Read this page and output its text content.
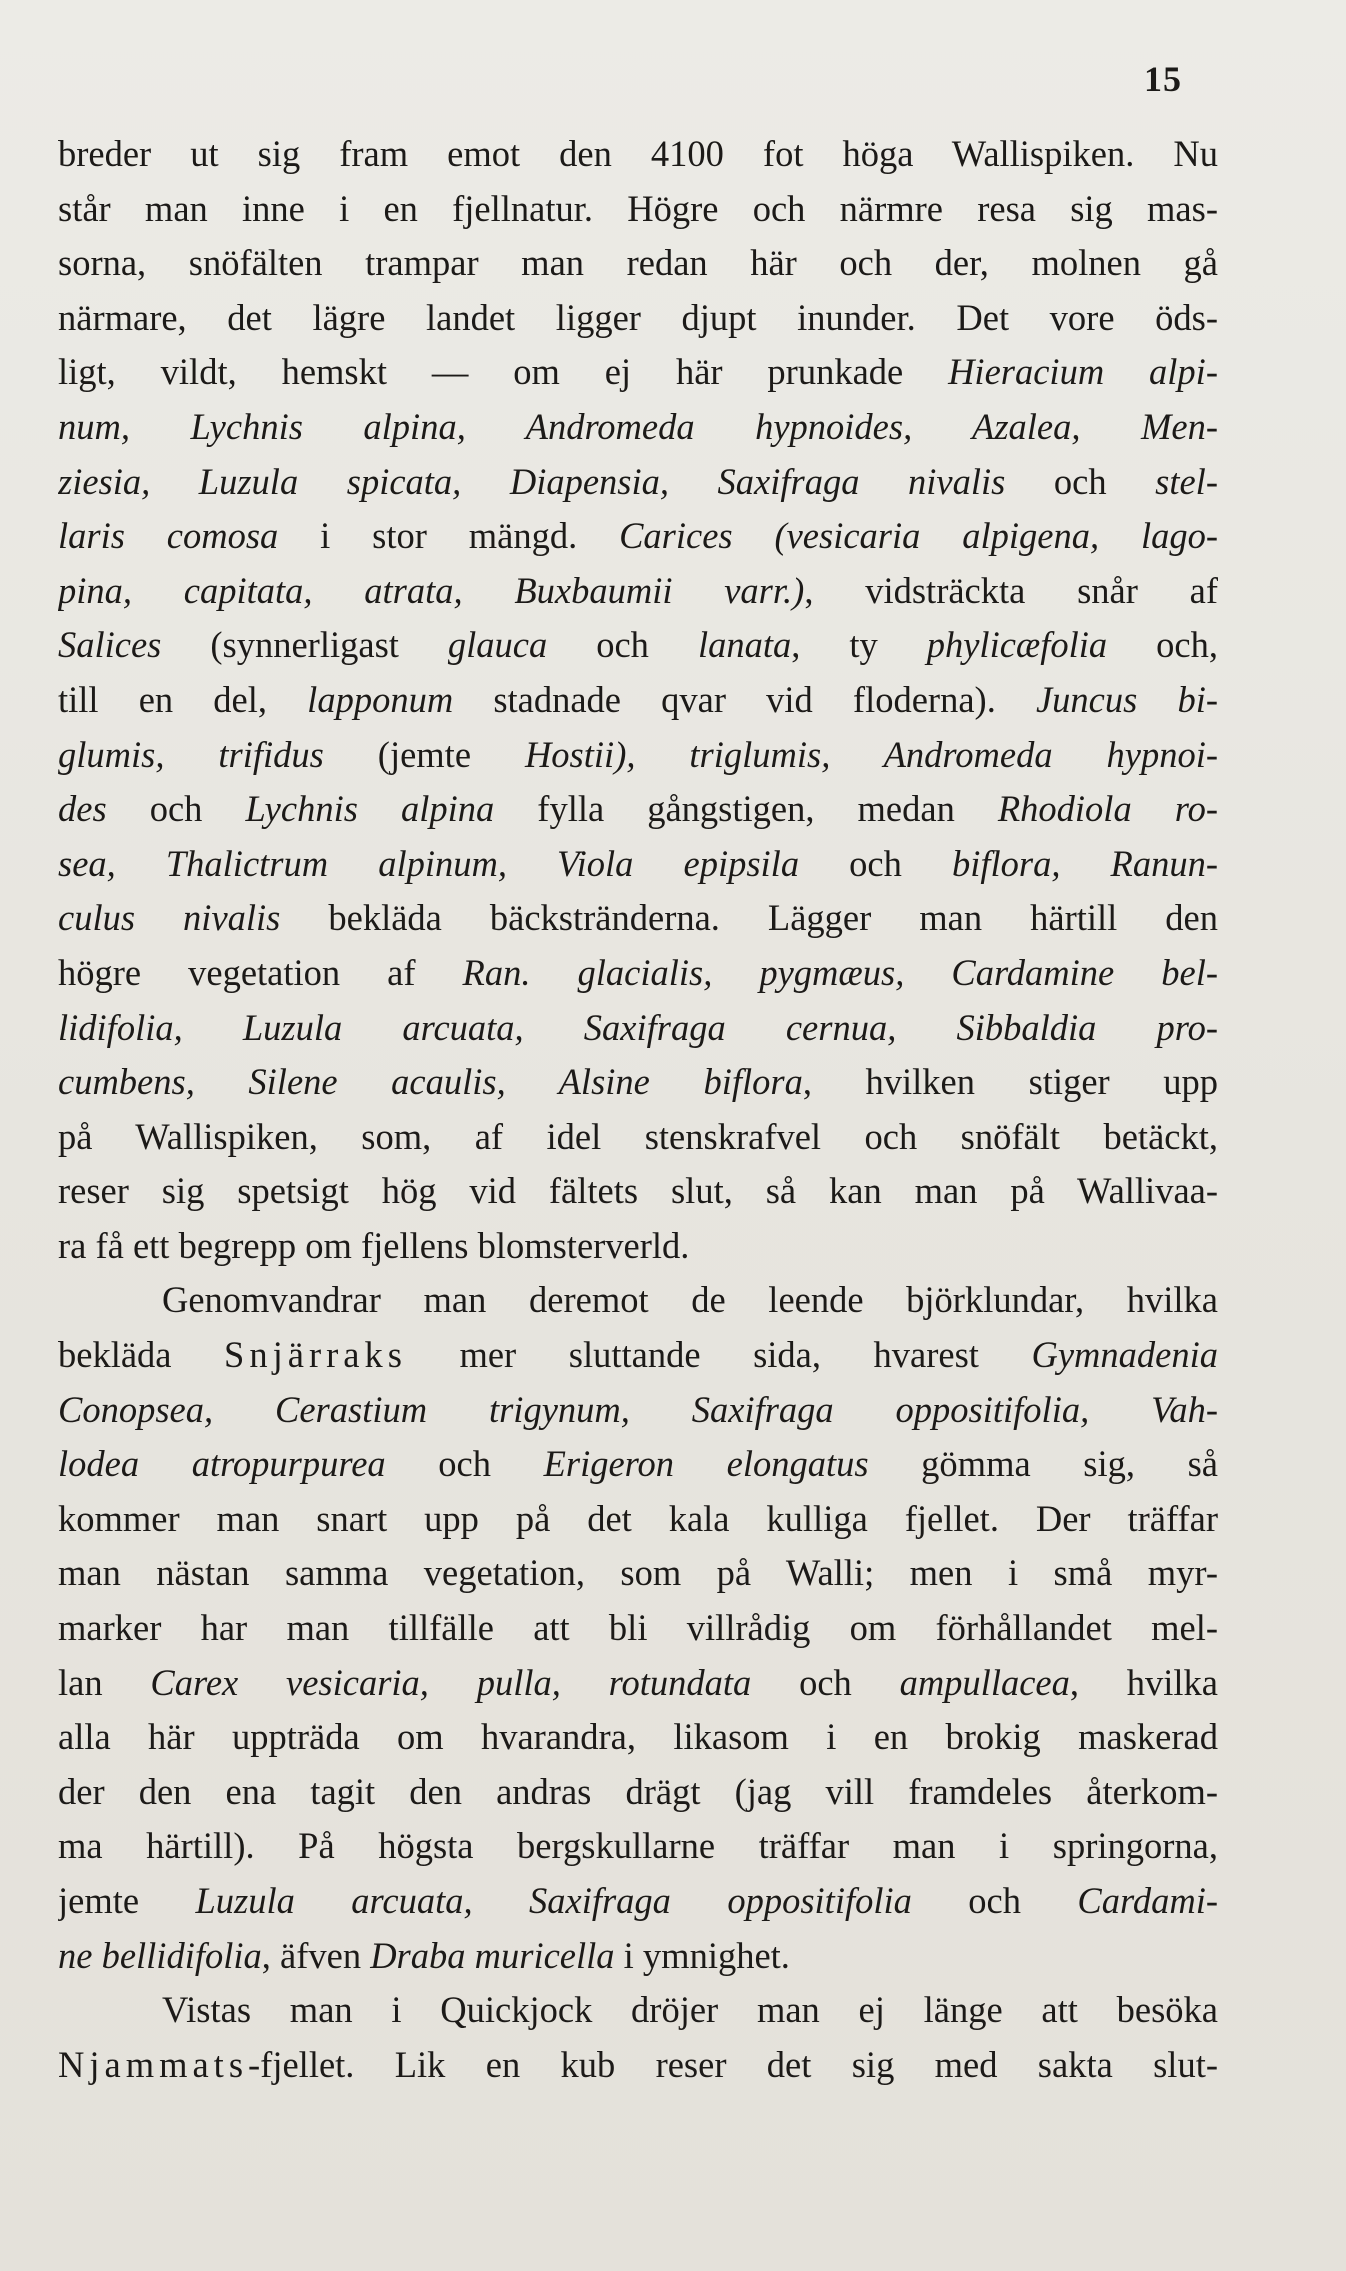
15
breder ut sig fram emot den 4100 fot höga Wallispiken. Nu
står man inne i en fjellnatur. Högre och närmre resa sig mas-
sorna, snöfälten trampar man redan här och der, molnen gå
närmare, det lägre landet ligger djupt inunder. Det vore öds-
ligt, vildt, hemskt — om ej här prunkade Hieracium alpi-
num, Lychnis alpina, Andromeda hypnoides, Azalea, Men-
ziesia, Luzula spicata, Diapensia, Saxifraga nivalis och stel-
laris comosa i stor mängd. Carices (vesicaria alpigena, lago-
pina, capitata, atrata, Buxbaumii varr.), vidsträckta snår af
Salices (synnerligast glauca och lanata, ty phylicæfolia och,
till en del, lapponum stadnade qvar vid floderna). Juncus bi-
glumis, trifidus (jemte Hostii), triglumis, Andromeda hypnoi-
des och Lychnis alpina fylla gångstigen, medan Rhodiola ro-
sea, Thalictrum alpinum, Viola epipsila och biflora, Ranun-
culus nivalis bekläda bäckstränderna. Lägger man härtill den
högre vegetation af Ran. glacialis, pygmæus, Cardamine bel-
lidifolia, Luzula arcuata, Saxifraga cernua, Sibbaldia pro-
cumbens, Silene acaulis, Alsine biflora, hvilken stiger upp
på Wallispiken, som, af idel stenskrafvel och snöfält betäckt,
reser sig spetsigt hög vid fältets slut, så kan man på Wallivaa-
ra få ett begrepp om fjellens blomsterverld.
Genomvandrar man deremot de leende björklundar, hvilka
bekläda Snjärraks mer sluttande sida, hvarest Gymnadenia
Conopsea, Cerastium trigynum, Saxifraga oppositifolia, Vah-
lodea atropurpurea och Erigeron elongatus gömma sig, så
kommer man snart upp på det kala kulliga fjellet. Der träffar
man nästan samma vegetation, som på Walli; men i små myr-
marker har man tillfälle att bli villrådig om förhållandet mel-
lan Carex vesicaria, pulla, rotundata och ampullacea, hvilka
alla här uppträda om hvarandra, likasom i en brokig maskerad
der den ena tagit den andras drägt (jag vill framdeles återkom-
ma härtill). På högsta bergskullarne träffar man i springorna,
jemte Luzula arcuata, Saxifraga oppositifolia och Cardami-
ne bellidifolia, äfven Draba muricella i ymnighet.
Vistas man i Quickjock dröjer man ej länge att besöka
Njammats-fjellet. Lik en kub reser det sig med sakta slut-
